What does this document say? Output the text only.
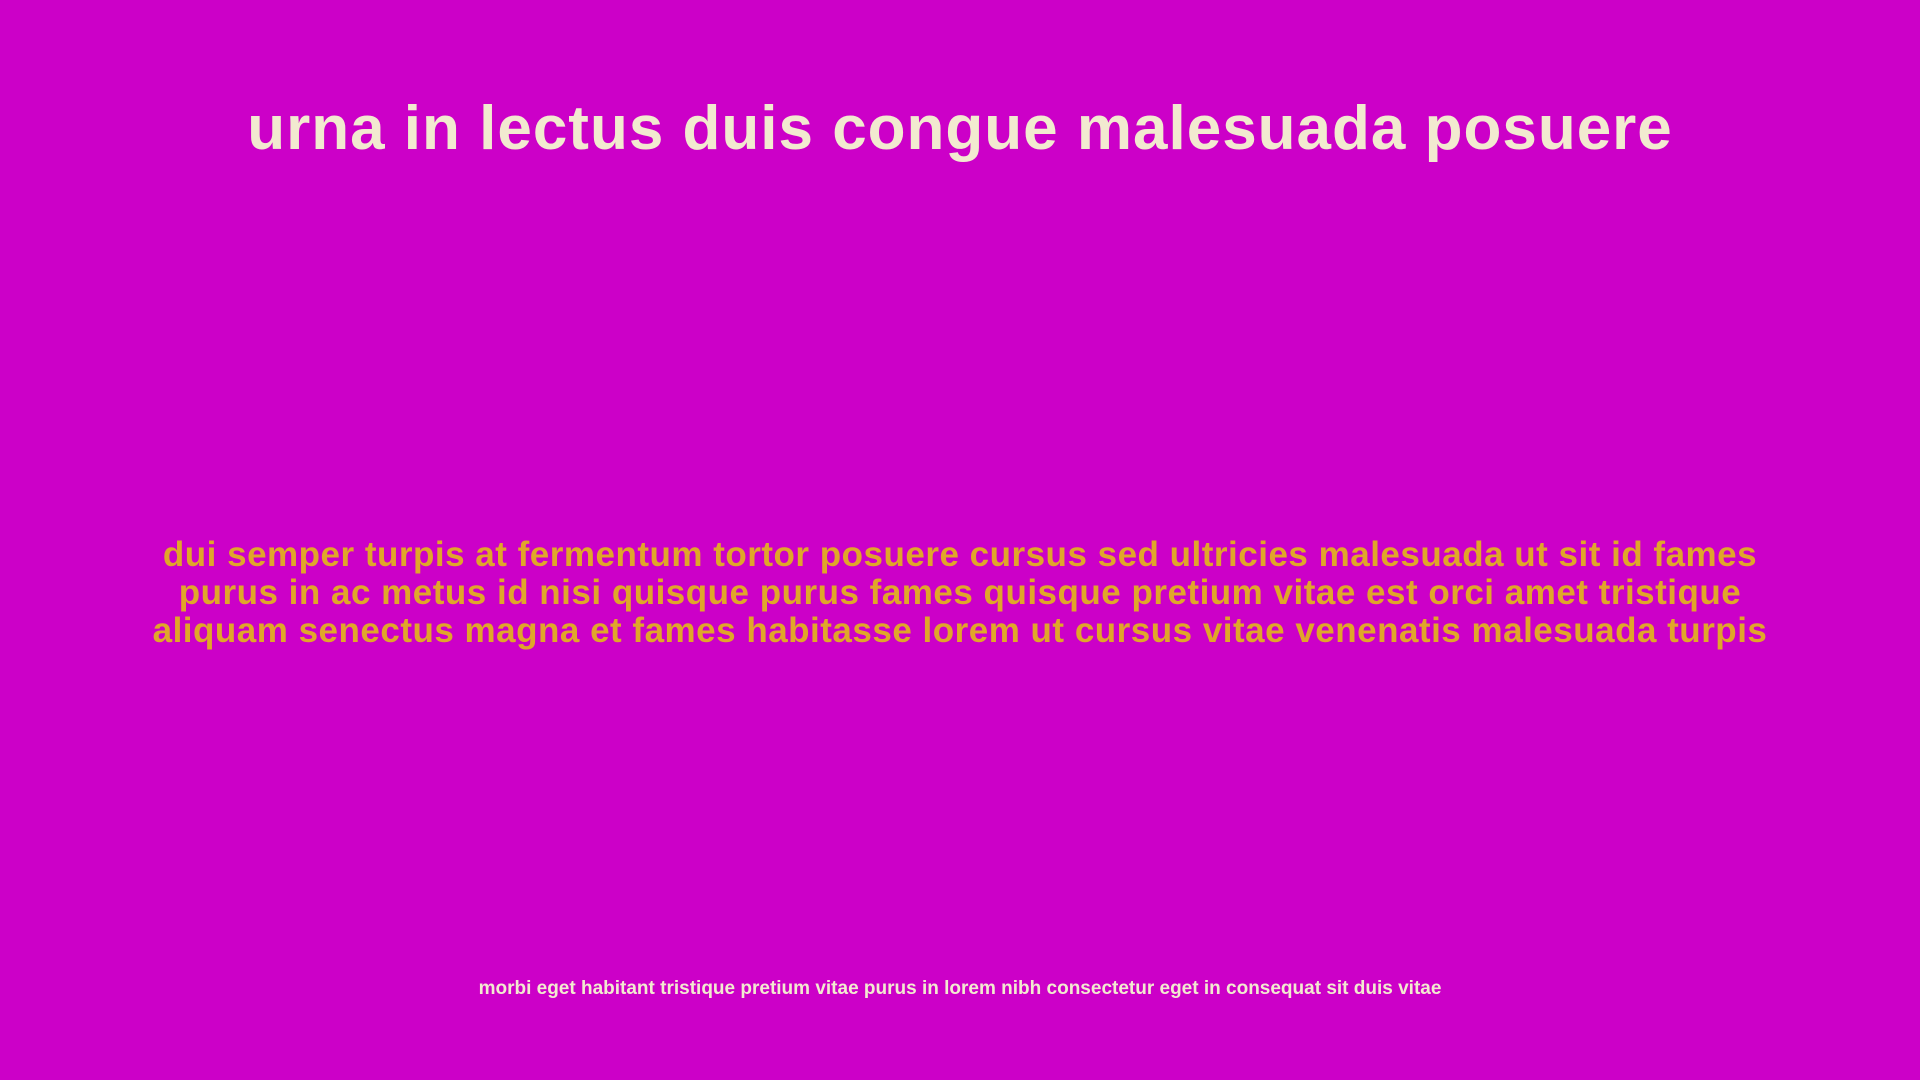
urna in lectus duis congue malesuada posuere
dui semper turpis at fermentum tortor posuere cursus sed ultricies malesuada ut sit id fames
purus in ac metus id nisi quisque purus fames quisque pretium vitae est orci amet tristique
aliquam senectus magna et fames habitasse lorem ut cursus vitae venenatis malesuada turpis
morbi eget habitant tristique pretium vitae purus in lorem nibh consectetur eget in consequat sit duis vitae
